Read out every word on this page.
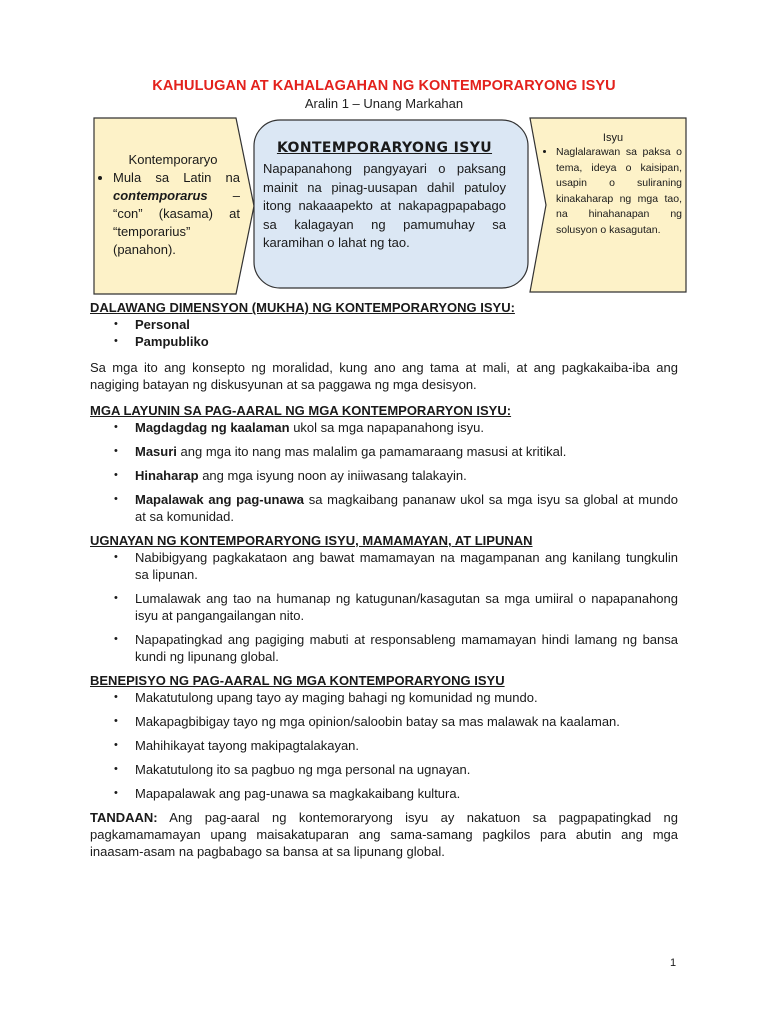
KAHULUGAN AT KAHALAGAHAN NG KONTEMPORARYONG ISYU
Aralin 1 – Unang Markahan
Kontemporaryo
• Mula sa Latin na contemporarus – “con” (kasama) at “temporarius” (panahon).
KONTEMPORARYONG ISYU

Napapanahong pangyayari o paksang mainit na pinag-uusapan dahil patuloy itong nakaaapekto at nakapagpapabago sa kalagayan ng pamumuhay sa karamihan o lahat ng tao.

Isyu
• Naglalarawan sa paksa o tema, ideya o kaisipan, usapin o suliraning kinakaharap ng mga tao, na hinahanapan ng solusyon o kasagutan.
DALAWANG DIMENSYON (MUKHA) NG KONTEMPORARYONG ISYU:
• Personal
• Pampubliko

Sa mga ito ang konsepto ng moralidad, kung ano ang tama at mali, at ang pagkakaiba-iba ang nagiging batayan ng diskusyunan at sa paggawa ng mga desisyon.

MGA LAYUNIN SA PAG-AARAL NG MGA KONTEMPORARYON ISYU:
• Magdagdag ng kaalaman ukol sa mga napapanahong isyu.
• Masuri ang mga ito nang mas malalim ga pamamaraang masusi at kritikal.
• Hinaharap ang mga isyung noon ay iniiwasang talakayin.
• Mapalawak ang pag-unawa sa magkaibang pananaw ukol sa mga isyu sa global at mundo at sa komunidad.
UGNAYAN NG KONTEMPORARYONG ISYU, MAMAMAYAN, AT LIPUNAN
• Nabibigyang pagkakataon ang bawat mamamayan na magampanan ang kanilang tungkulin sa lipunan.
• Lumalawak ang tao na humanap ng katugunan/kasagutan sa mga umiiral o napapanahong isyu at pangangailangan nito.
• Napapatingkad ang pagiging mabuti at responsableng mamamayan hindi lamang ng bansa kundi ng lipunang global.
BENEPISYO NG PAG-AARAL NG MGA KONTEMPORARYONG ISYU
• Makatutulong upang tayo ay maging bahagi ng komunidad ng mundo.
• Makapagbibigay tayo ng mga opinion/saloobin batay sa mas malawak na kaalaman.
• Mahihikayat tayong makipagtalakayan.
• Makatutulong ito sa pagbuo ng mga personal na ugnayan.
• Mapapalawak ang pag-unawa sa magkakaibang kultura.

TANDAAN: Ang pag-aaral ng kontemoraryong isyu ay nakatuon sa pagpapatingkad ng pagkamamamayan upang maisakatuparan ang sama-samang pagkilos para abutin ang mga inaasam-asam na pagbabago sa bansa at sa lipunang global.

1
